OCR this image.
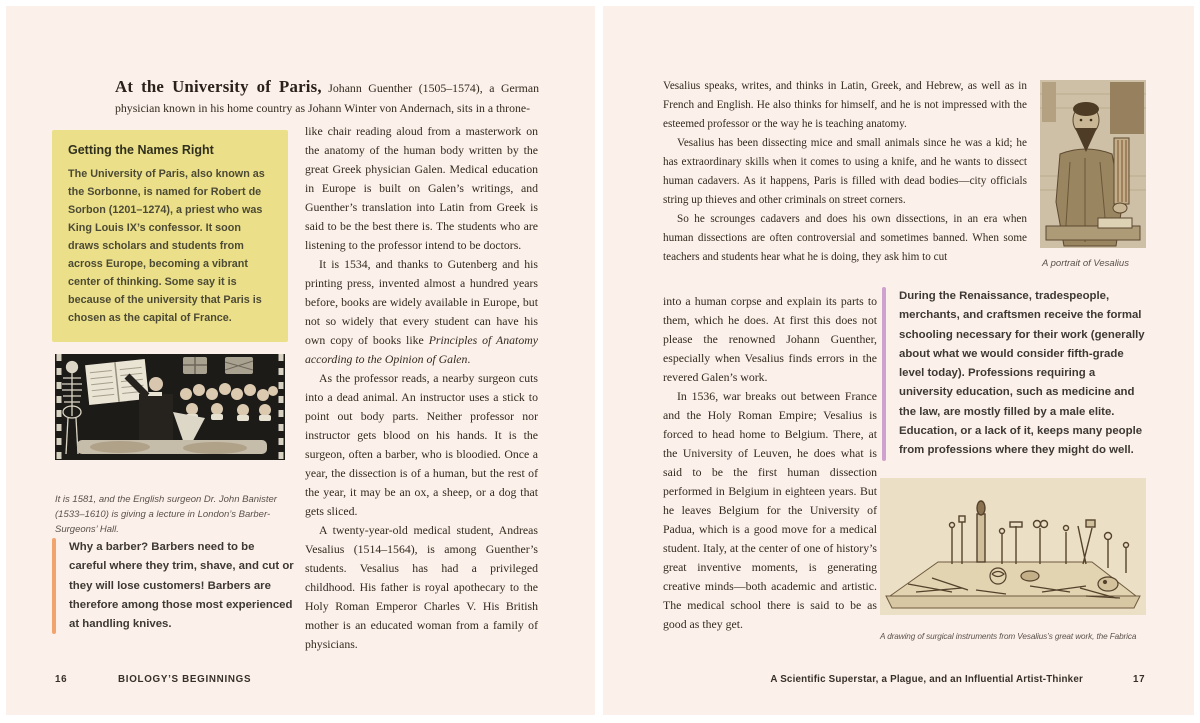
At the University of Paris, Johann Guenther (1505–1574), a German physician known in his home country as Johann Winter von Andernach, sits in a throne-
Getting the Names Right
The University of Paris, also known as the Sorbonne, is named for Robert de Sorbon (1201–1274), a priest who was King Louis IX’s confessor. It soon draws scholars and students from across Europe, becoming a vibrant center of thinking. Some say it is because of the university that Paris is chosen as the capital of France.

like chair reading aloud from a masterwork on the anatomy of the human body written by the great Greek physician Galen. Medical education in Europe is built on Galen’s writings, and Guenther’s translation into Latin from Greek is said to be the best there is. The students who are listening to the professor intend to be doctors.

It is 1534, and thanks to Gutenberg and his printing press, invented almost a hundred years before, books are widely available in Europe, but not so widely that every student can have his own copy of books like Principles of Anatomy according to the Opinion of Galen.

As the professor reads, a nearby surgeon cuts into a dead animal. An instructor uses a stick to point out body parts. Neither professor nor instructor gets blood on his hands. It is the surgeon, often a barber, who is bloodied. Once a year, the dissection is of a human, but the rest of the year, it may be an ox, a sheep, or a dog that gets sliced.

A twenty-year-old medical student, Andreas Vesalius (1514–1564), is among Guenther’s students. Vesalius has had a privileged childhood. His father is royal apothecary to the Holy Roman Emperor Charles V. His British mother is an educated woman from a family of physicians.

It is 1581, and the English surgeon Dr. John Banister (1533–1610) is giving a lecture in London’s Barber-Surgeons’ Hall.
Why a barber? Barbers need to be careful where they trim, shave, and cut or they will lose customers! Barbers are therefore among those most experienced at handling knives.
16	BIOLOGY’S BEGINNINGS

Vesalius speaks, writes, and thinks in Latin, Greek, and Hebrew, as well as in French and English. He also thinks for himself, and he is not impressed with the esteemed professor or the way he is teaching anatomy.

Vesalius has been dissecting mice and small animals since he was a kid; he has extraordinary skills when it comes to using a knife, and he wants to dissect human cadavers. As it happens, Paris is filled with dead bodies—city officials string up thieves and other criminals on street corners.

So he scrounges cadavers and does his own dissections, in an era when human dissections are often controversial and sometimes banned. When some teachers and students hear what he is doing, they ask him to cut

into a human corpse and explain its parts to them, which he does. At first this does not please the renowned Johann Guenther, especially when Vesalius finds errors in the revered Galen’s work.

In 1536, war breaks out between France and the Holy Roman Empire; Vesalius is forced to head home to Belgium. There, at the University of Leuven, he does what is said to be the first human dissection performed in Belgium in eighteen years. But he leaves Belgium for the University of Padua, which is a good move for a medical student. Italy, at the center of one of history’s great inventive moments, is generating creative minds—both academic and artistic. The medical school there is said to be as good as they get.

A portrait of Vesalius
During the Renaissance, tradespeople, merchants, and craftsmen receive the formal schooling necessary for their work (generally about what we would consider fifth-grade level today). Professions requiring a university education, such as medicine and the law, are mostly filled by a male elite. Education, or a lack of it, keeps many people from professions where they might do well.
A drawing of surgical instruments from Vesalius’s great work, the Fabrica
A Scientific Superstar, a Plague, and an Influential Artist-Thinker	17
